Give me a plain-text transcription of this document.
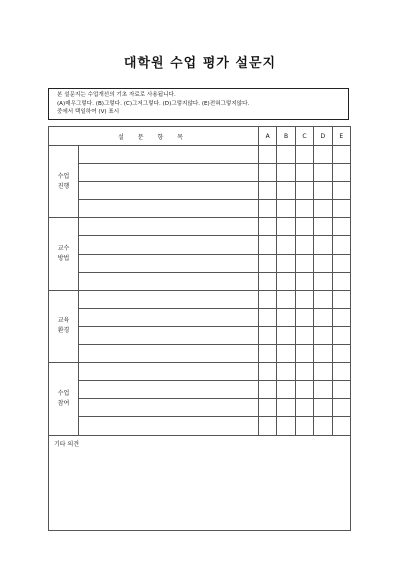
대학원 수업 평가 설문지
본 설문지는 수업개선의 기초 자료로 사용됩니다.
(A)매우그렇다. (B)그렇다. (C)그저그렇다. (D)그렇지않다. (E)전혀그렇지않다.
중에서 택일하여 (V) 표시
설 문 항 목		A	B	C	D	E

수업
진행						

교수
방법						

교육
환경						

수업
참여						

기타 의견						
